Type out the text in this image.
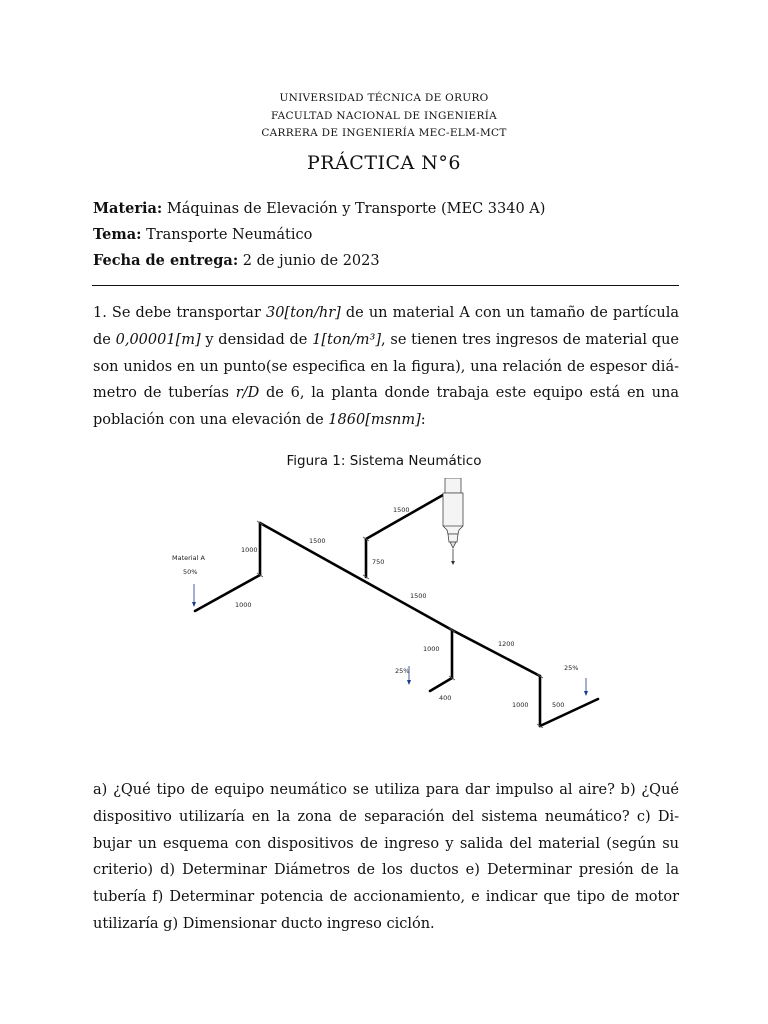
UNIVERSIDAD TÉCNICA DE ORURO
FACULTAD NACIONAL DE INGENIERÍA
CARRERA DE INGENIERÍA MEC-ELM-MCT
PRÁCTICA N°6
Materia: Máquinas de Elevación y Transporte (MEC 3340 A)
Tema: Transporte Neumático
Fecha de entrega: 2 de junio de 2023
1. Se debe transportar 30[ton/hr] de un material A con un tamaño de partícula
de 0,00001[m] y densidad de 1[ton/m³], se tienen tres ingresos de material que
son unidos en un punto(se especifica en la figura), una relación de espesor diá-
metro de tuberías r/D de 6, la planta donde trabaja este equipo está en una
población con una elevación de 1860[msnm]:
Figura 1: Sistema Neumático
Material A
50%
1000
1000
1500
750
1500
1500
1000
25%
400
1200
25%
1000	500
a) ¿Qué tipo de equipo neumático se utiliza para dar impulso al aire? b) ¿Qué
dispositivo utilizaría en la zona de separación del sistema neumático? c) Di-
bujar un esquema con dispositivos de ingreso y salida del material (según su
criterio) d) Determinar Diámetros de los ductos e) Determinar presión de la
tubería f) Determinar potencia de accionamiento, e indicar que tipo de motor
utilizaría g) Dimensionar ducto ingreso ciclón.
